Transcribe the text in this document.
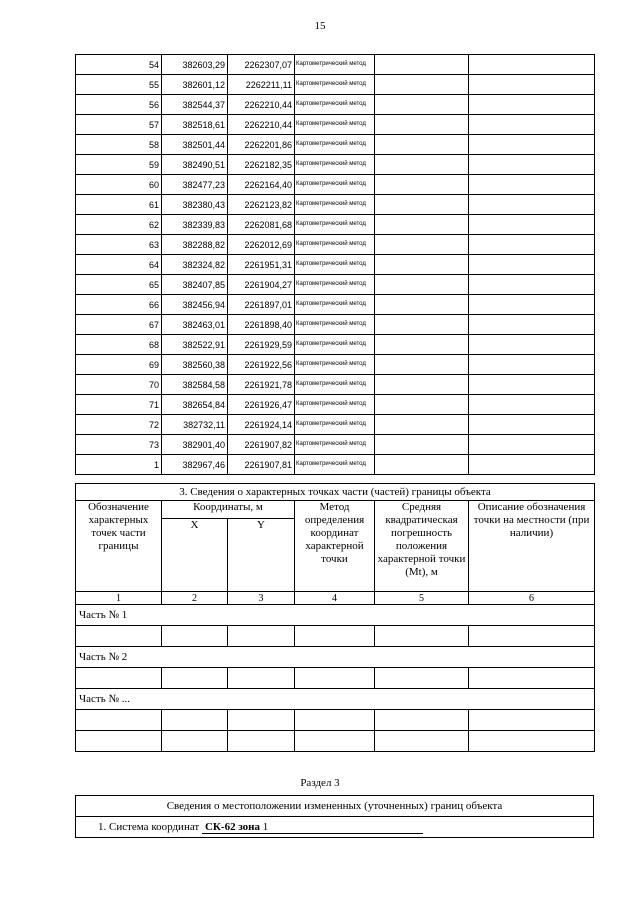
15
54	382603,29	2262307,07	Картометрический метод		
55	382601,12	2262211,11	Картометрический метод		
56	382544,37	2262210,44	Картометрический метод		
57	382518,61	2262210,44	Картометрический метод		
58	382501,44	2262201,86	Картометрический метод		
59	382490,51	2262182,35	Картометрический метод		
60	382477,23	2262164,40	Картометрический метод		
61	382380,43	2262123,82	Картометрический метод		
62	382339,83	2262081,68	Картометрический метод		
63	382288,82	2262012,69	Картометрический метод		
64	382324,82	2261951,31	Картометрический метод		
65	382407,85	2261904,27	Картометрический метод		
66	382456,94	2261897,01	Картометрический метод		
67	382463,01	2261898,40	Картометрический метод		
68	382522,91	2261929,59	Картометрический метод		
69	382560,38	2261922,56	Картометрический метод		
70	382584,58	2261921,78	Картометрический метод		
71	382654,84	2261926,47	Картометрический метод		
72	382732,11	2261924,14	Картометрический метод		
73	382901,40	2261907,82	Картометрический метод		
1	382967,46	2261907,81	Картометрический метод		
3. Сведения о характерных точках части (частей) границы объекта					
Обозначение характерных точек части границы	Координаты, м		Метод определения координат характерной точки	Средняя квадратическая погрешность положения характерной точки (Mt), м	Описание обозначения точки на местности (при наличии)
	X	Y			
1	2	3	4	5	6
Часть № 1					

Часть № 2					

Часть № ...					

Раздел 3
Сведения о местоположении измененных (уточненных) границ объекта
1. Система координат СК-62 зона 1
